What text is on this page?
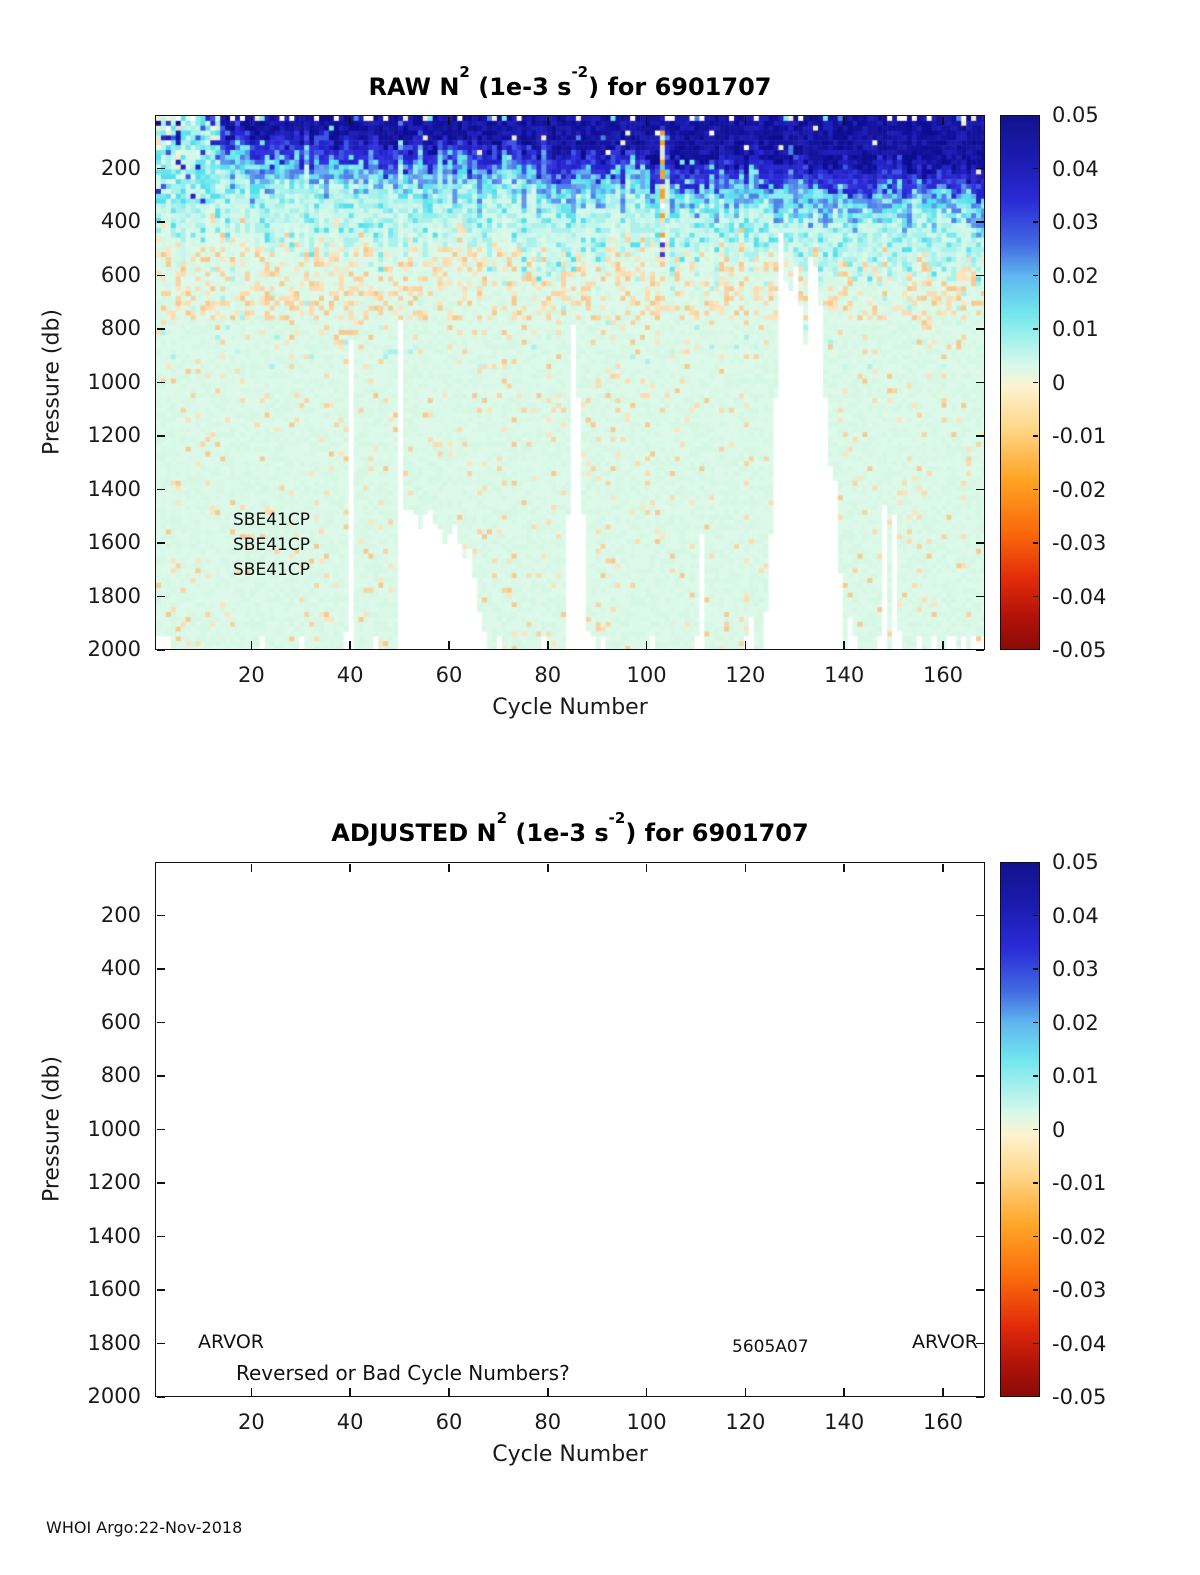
RAW $N^2$ (1e-3 $s^{-2}$) for 6901707
Pressure (db)
SBE41CP
SBE41CP
SBE41CP
Cycle Number
ADJUSTED $N^2$ (1e-3 $s^{-2}$) for 6901707
Pressure (db)
ARVOR	5605A07	ARVOR
Reversed or Bad Cycle Numbers?
Cycle Number
WHOI Argo:22-Nov-2018
20	40	60	80	100	120	140	160
200
400
600
800
1000
1200
1400
1600
1800
2000
0.05
0.04
0.03
0.02
0.01
0
-0.01
-0.02
-0.03
-0.04
-0.05
20	40	60	80	100	120	140	160
200
400
600
800
1000
1200
1400
1600
1800
2000
0.05
0.04
0.03
0.02
0.01
0
-0.01
-0.02
-0.03
-0.04
-0.05
